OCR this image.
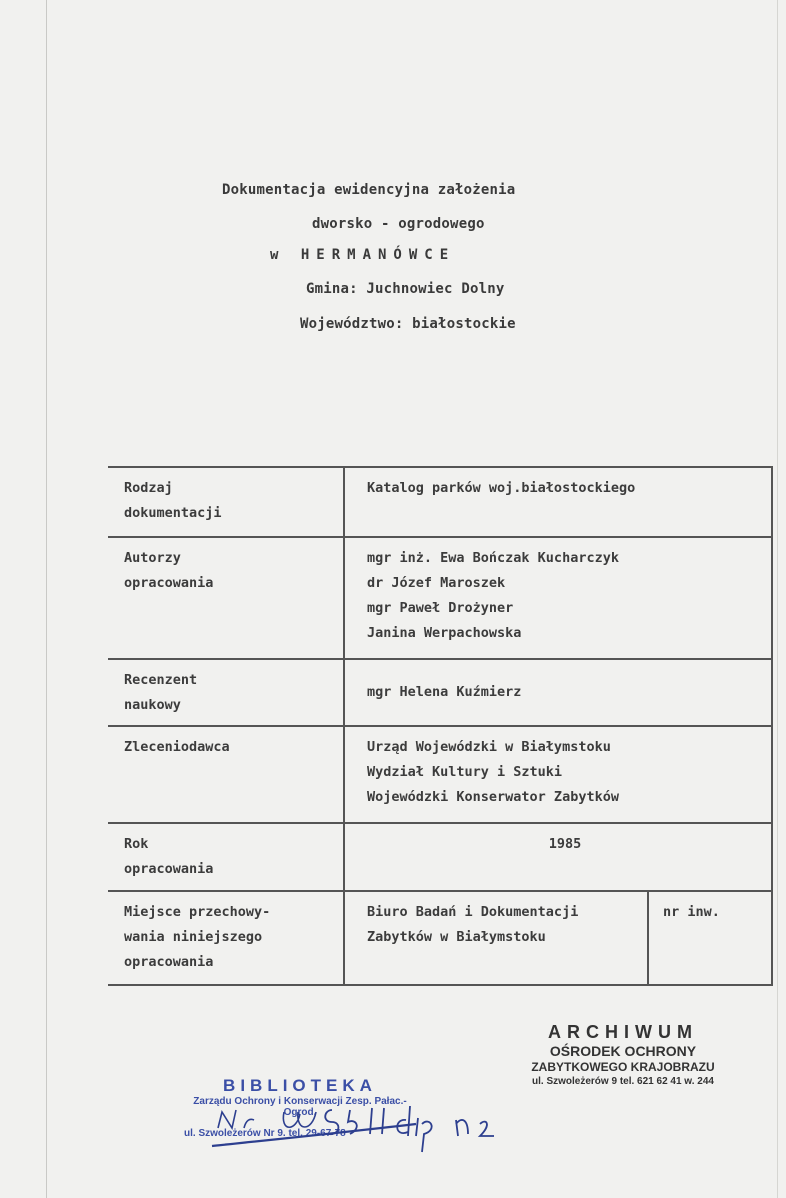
Dokumentacja ewidencyjna założenia
dworsko - ogrodowego
w HERMANÓWCE
Gmina: Juchnowiec Dolny
Województwo: białostockie
Rodzaj
dokumentacji	Katalog parków woj.białostockiego	

Autorzy
opracowania	mgr inż. Ewa Bończak Kucharczyk
dr Józef Maroszek
mgr Paweł Drożyner
Janina Werpachowska	

Recenzent
naukowy	mgr Helena Kuźmierz	

Zleceniodawca	Urząd Wojewódzki w Białymstoku
Wydział Kultury i Sztuki
Wojewódzki Konserwator Zabytków	

Rok
opracowania	1985	

Miejsce przechowy-
wania niniejszego
opracowania	Biuro Badań i Dokumentacji
Zabytków w Białymstoku	nr inw.
ARCHIWUM
OŚRODEK OCHRONY
ZABYTKOWEGO KRAJOBRAZU
ul. Szwoleżerów 9 tel. 621 62 41 w. 244
BIBLIOTEKA
Zarządu Ochrony i Konserwacji Zesp. Pałac.-Ogrod.
ul. Szwoleżerów Nr 9. tel. 29-67-78
